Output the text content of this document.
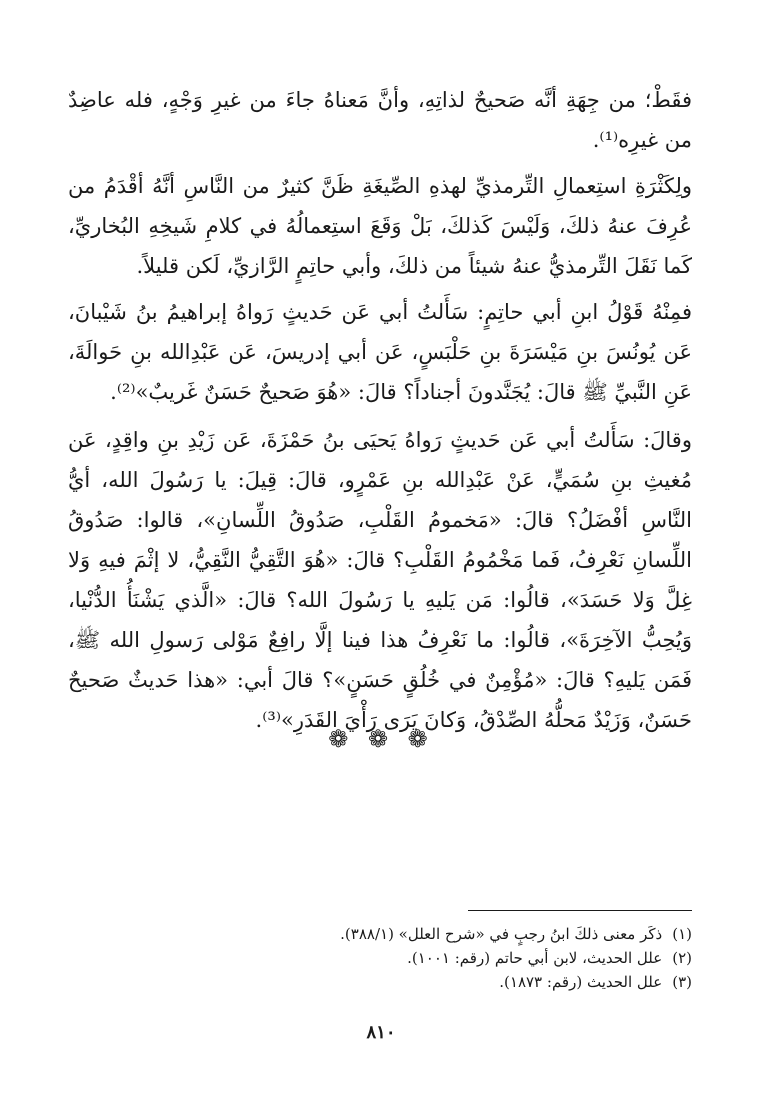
فقَطْ؛ من جِهَةِ أنَّه صَحيحٌ لذاتِهِ، وأنَّ مَعناهُ جاءَ من غيرِ وَجْهٍ، فله عاضِدٌ من غيرِه⁽¹⁾.

ولِكَثْرَةِ استِعمالِ التِّرمذيِّ لهذهِ الصِّيغَةِ ظَنَّ كثيرٌ من النَّاسِ أنَّهُ أقْدَمُ من عُرِفَ عنهُ ذلكَ، وَلَيْسَ كَذلكَ، بَلْ وَقَعَ استِعمالُهُ في كلامِ شَيخِهِ البُخاريِّ، كَما نَقَلَ التِّرمذيُّ عنهُ شيئاً من ذلكَ، وأبي حاتِمٍ الرَّازيِّ، لَكن قليلاً.

فمِنْهُ قَوْلُ ابنِ أبي حاتِمٍ: سَأَلتُ أبي عَن حَديثٍ رَواهُ إبراهيمُ بنُ شَيْبانَ، عَن يُونُسَ بنِ مَيْسَرَةَ بنِ حَلْبَسٍ، عَن أبي إدريسَ، عَن عَبْدِالله بنِ حَوالَةَ، عَنِ النَّبيِّ ﷺ قالَ: يُجَنَّدونَ أجناداً؟ قالَ: «هُوَ صَحيحٌ حَسَنٌ غَريبٌ»⁽²⁾.

وقالَ: سَأَلتُ أبي عَن حَديثٍ رَواهُ يَحيَى بنُ حَمْزَةَ، عَن زَيْدِ بنِ واقِدٍ، عَن مُغيثِ بنِ سُمَيٍّ، عَنْ عَبْدِالله بنِ عَمْرٍو، قالَ: قِيلَ: يا رَسُولَ الله، أيُّ النَّاسِ أفْضَلُ؟ قالَ: «مَخمومُ القَلْبِ، صَدُوقُ اللِّسانِ»، قالوا: صَدُوقُ اللِّسانِ نَعْرِفُ، فَما مَخْمُومُ القَلْبِ؟ قالَ: «هُوَ التَّقِيُّ النَّقِيُّ، لا إثْمَ فيهِ وَلا غِلَّ وَلا حَسَدَ»، قالُوا: مَن يَليهِ يا رَسُولَ الله؟ قالَ: «الَّذي يَشْنَأُ الدُّنْيا، وَيُحِبُّ الآخِرَةَ»، قالُوا: ما نَعْرِفُ هذا فينا إلَّا رافِعٌ مَوْلى رَسولِ الله ﷺ، فَمَن يَليهِ؟ قالَ: «مُؤْمِنٌ في خُلُقٍ حَسَنٍ»؟ قالَ أبي: «هذا حَديثٌ صَحيحٌ حَسَنٌ، وَزَيْدٌ مَحلُّهُ الصِّدْقُ، وَكانَ يَرَى رَأْيَ القَدَرِ»⁽³⁾.

❁ ❁ ❁
(١)ذكَر معنى ذلكَ ابنُ رجبٍ في «شرح العلل» (٣٨٨/١).
(٢)علل الحديث، لابن أبي حاتم (رقم: ١٠٠١).
(٣)علل الحديث (رقم: ١٨٧٣).
٨١٠
